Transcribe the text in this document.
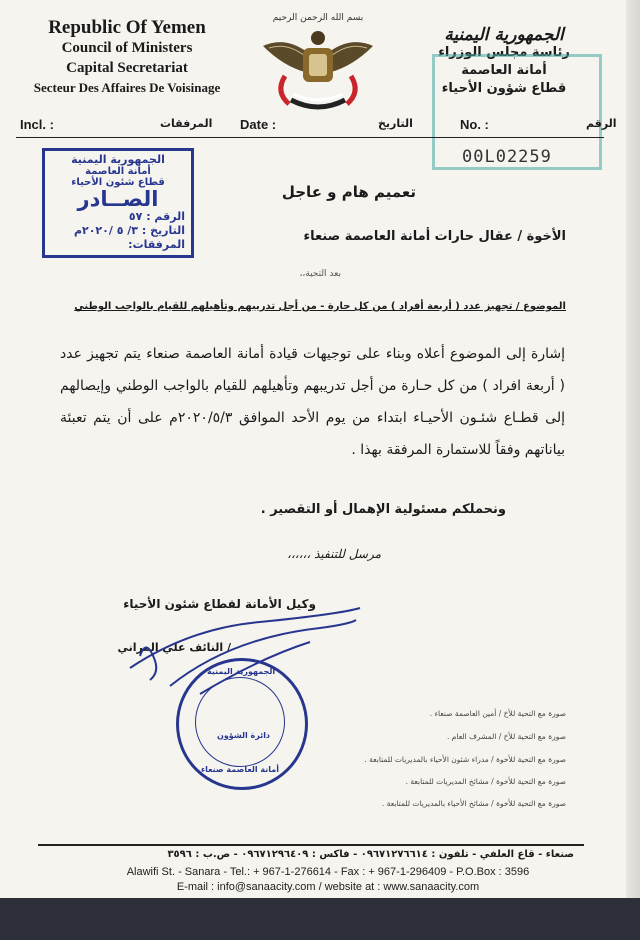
Republic Of Yemen
Council of Ministers
Capital Secretariat
Secteur Des Affaires De Voisinage
بسم الله الرحمن الرحيم
الجمهورية اليمنية
رئاسة مجلس الوزراء
أمانة العاصمة
قطاع شؤون الأحياء
Incl. :	المرفقات Date :	التاريخ	No. :	الرقم
00L02259
الجمهورية اليمنية
أمانة العاصمة
قطاع شئون الأحياء
الصــادر
الرقم : ٥٧
التاريخ : ٣/ ٥ /٢٠٢٠م
المرفقات:
تعميم هام و عاجل
الأخوة / عقال حارات أمانة العاصمة صنعاء
بعد التحية،،
الموضوع / تجهيز عدد ( أربعة أفراد ) من كل حارة - من أجل تدريبهم وتأهيلهم للقيام بالواجب الوطني
إشارة إلى الموضوع أعلاه وبناء على توجيهات قيادة أمانة العاصمة صنعاء يتم تجهيز عدد ( أربعة افراد ) من كل حـارة من أجل تدريبهم وتأهيلهم للقيام بالواجب الوطني وإيصالهم إلى قطـاع شئـون الأحيـاء ابتداء من يوم الأحد الموافق ٢٠٢٠/٥/٣م على أن يتم تعبئة بياناتهم وفقاً للاستمارة المرفقة بهذا .
ونحملكم مسئولية الإهمال أو التقصير .
مرسل للتنفيذ ،،،،،،
وكيل الأمانة لقطاع شئون الأحياء
/ النائف علي المراني
الجمهورية اليمنية
أمانة العاصمة صنعاء
دائرة الشؤون
صورة مع التحية للأخ / أمين العاصمة صنعاء .
صورة مع التحية للأخ / المشرف العام .
صورة مع التحية للأخوة / مدراء شئون الأحياء بالمديريات للمتابعة .
صورة مع التحية للأخوة / مشائخ المديريات للمتابعة .
صورة مع التحية للأخوة / مشائخ الأحياء بالمديريات للمتابعة .
صنعاء - قاع العلفي - تلفون : ٠٩٦٧١٢٧٦٦١٤ - فاكس : ٠٩٦٧١٢٩٦٤٠٩ - ص.ب : ٣٥٩٦
Alawifi St. - Sanara - Tel.: + 967-1-276614 - Fax : + 967-1-296409 - P.O.Box : 3596
E-mail : info@sanaacity.com / website at : www.sanaacity.com
